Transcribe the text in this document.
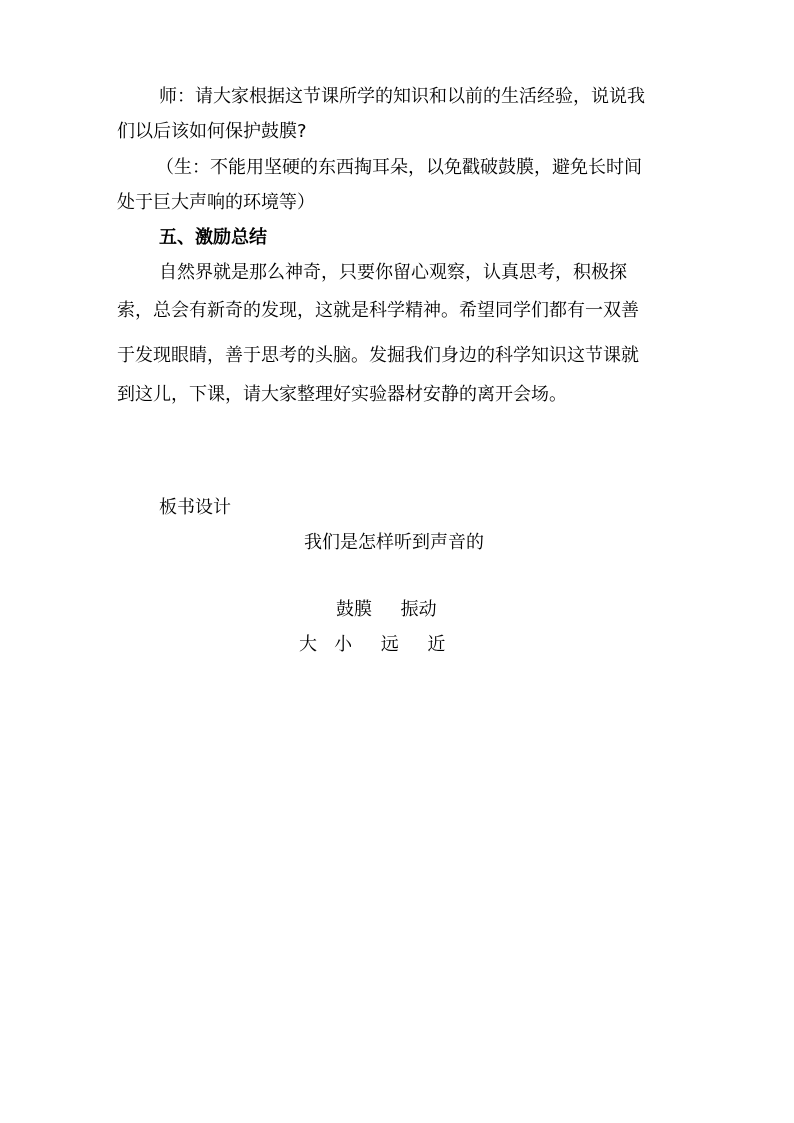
师：请大家根据这节课所学的知识和以前的生活经验，说说我
们以后该如何保护鼓膜?
（生：不能用坚硬的东西掏耳朵，以免戳破鼓膜，避免长时间
处于巨大声响的环境等）
五、激励总结
自然界就是那么神奇，只要你留心观察，认真思考，积极探
索，总会有新奇的发现，这就是科学精神。希望同学们都有一双善
于发现眼睛，善于思考的头脑。发掘我们身边的科学知识这节课就
到这儿，下课，请大家整理好实验器材安静的离开会场。
板书设计
我们是怎样听到声音的
鼓膜     振动
大   小     远     近
